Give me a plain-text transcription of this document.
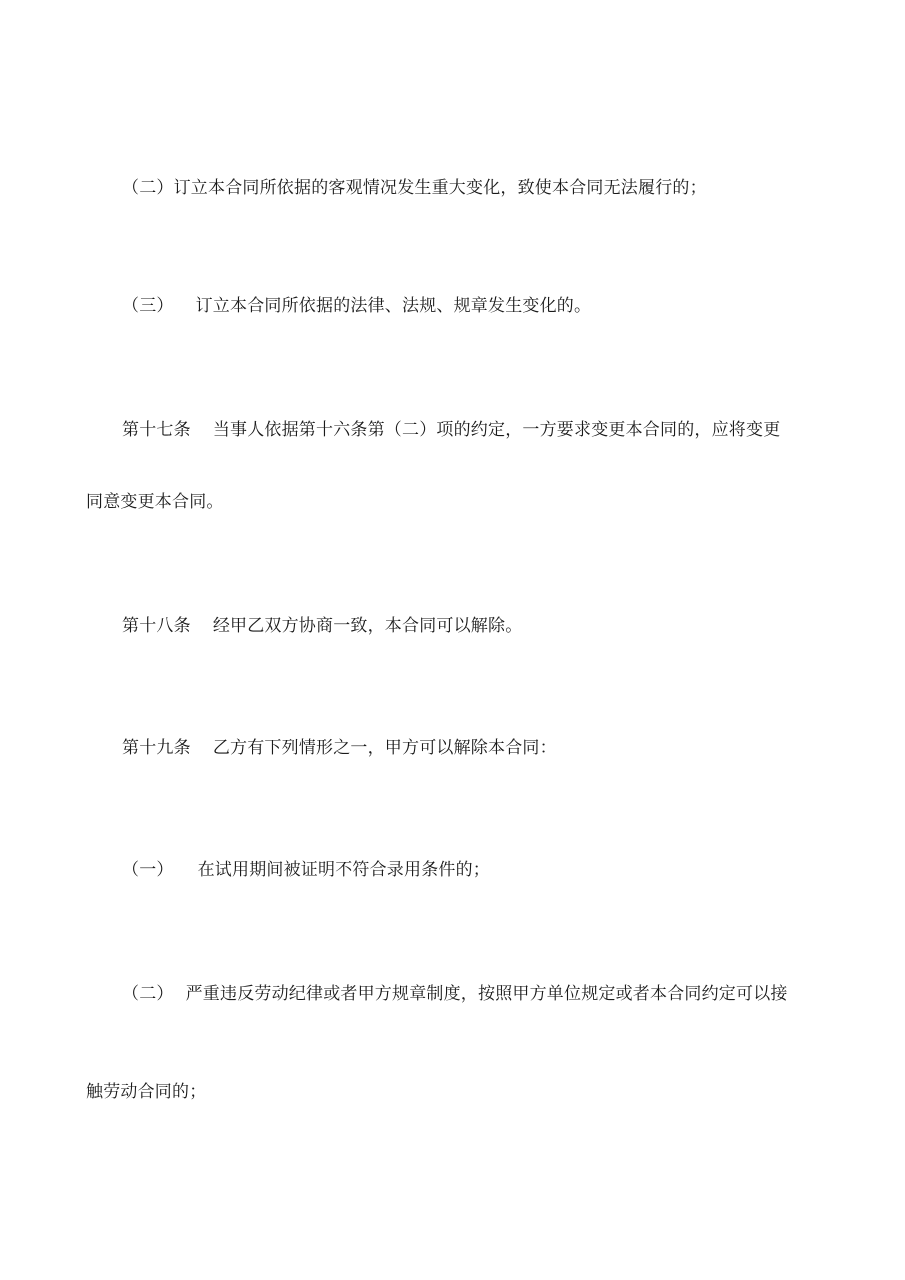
（二）订立本合同所依据的客观情况发生重大变化，致使本合同无法履行的；
（三） 订立本合同所依据的法律、法规、规章发生变化的。
第十七条 当事人依据第十六条第（二）项的约定，一方要求变更本合同的，应将变更
同意变更本合同。
第十八条 经甲乙双方协商一致，本合同可以解除。
第十九条 乙方有下列情形之一，甲方可以解除本合同：
（一） 在试用期间被证明不符合录用条件的；
（二） 严重违反劳动纪律或者甲方规章制度，按照甲方单位规定或者本合同约定可以接
触劳动合同的；
